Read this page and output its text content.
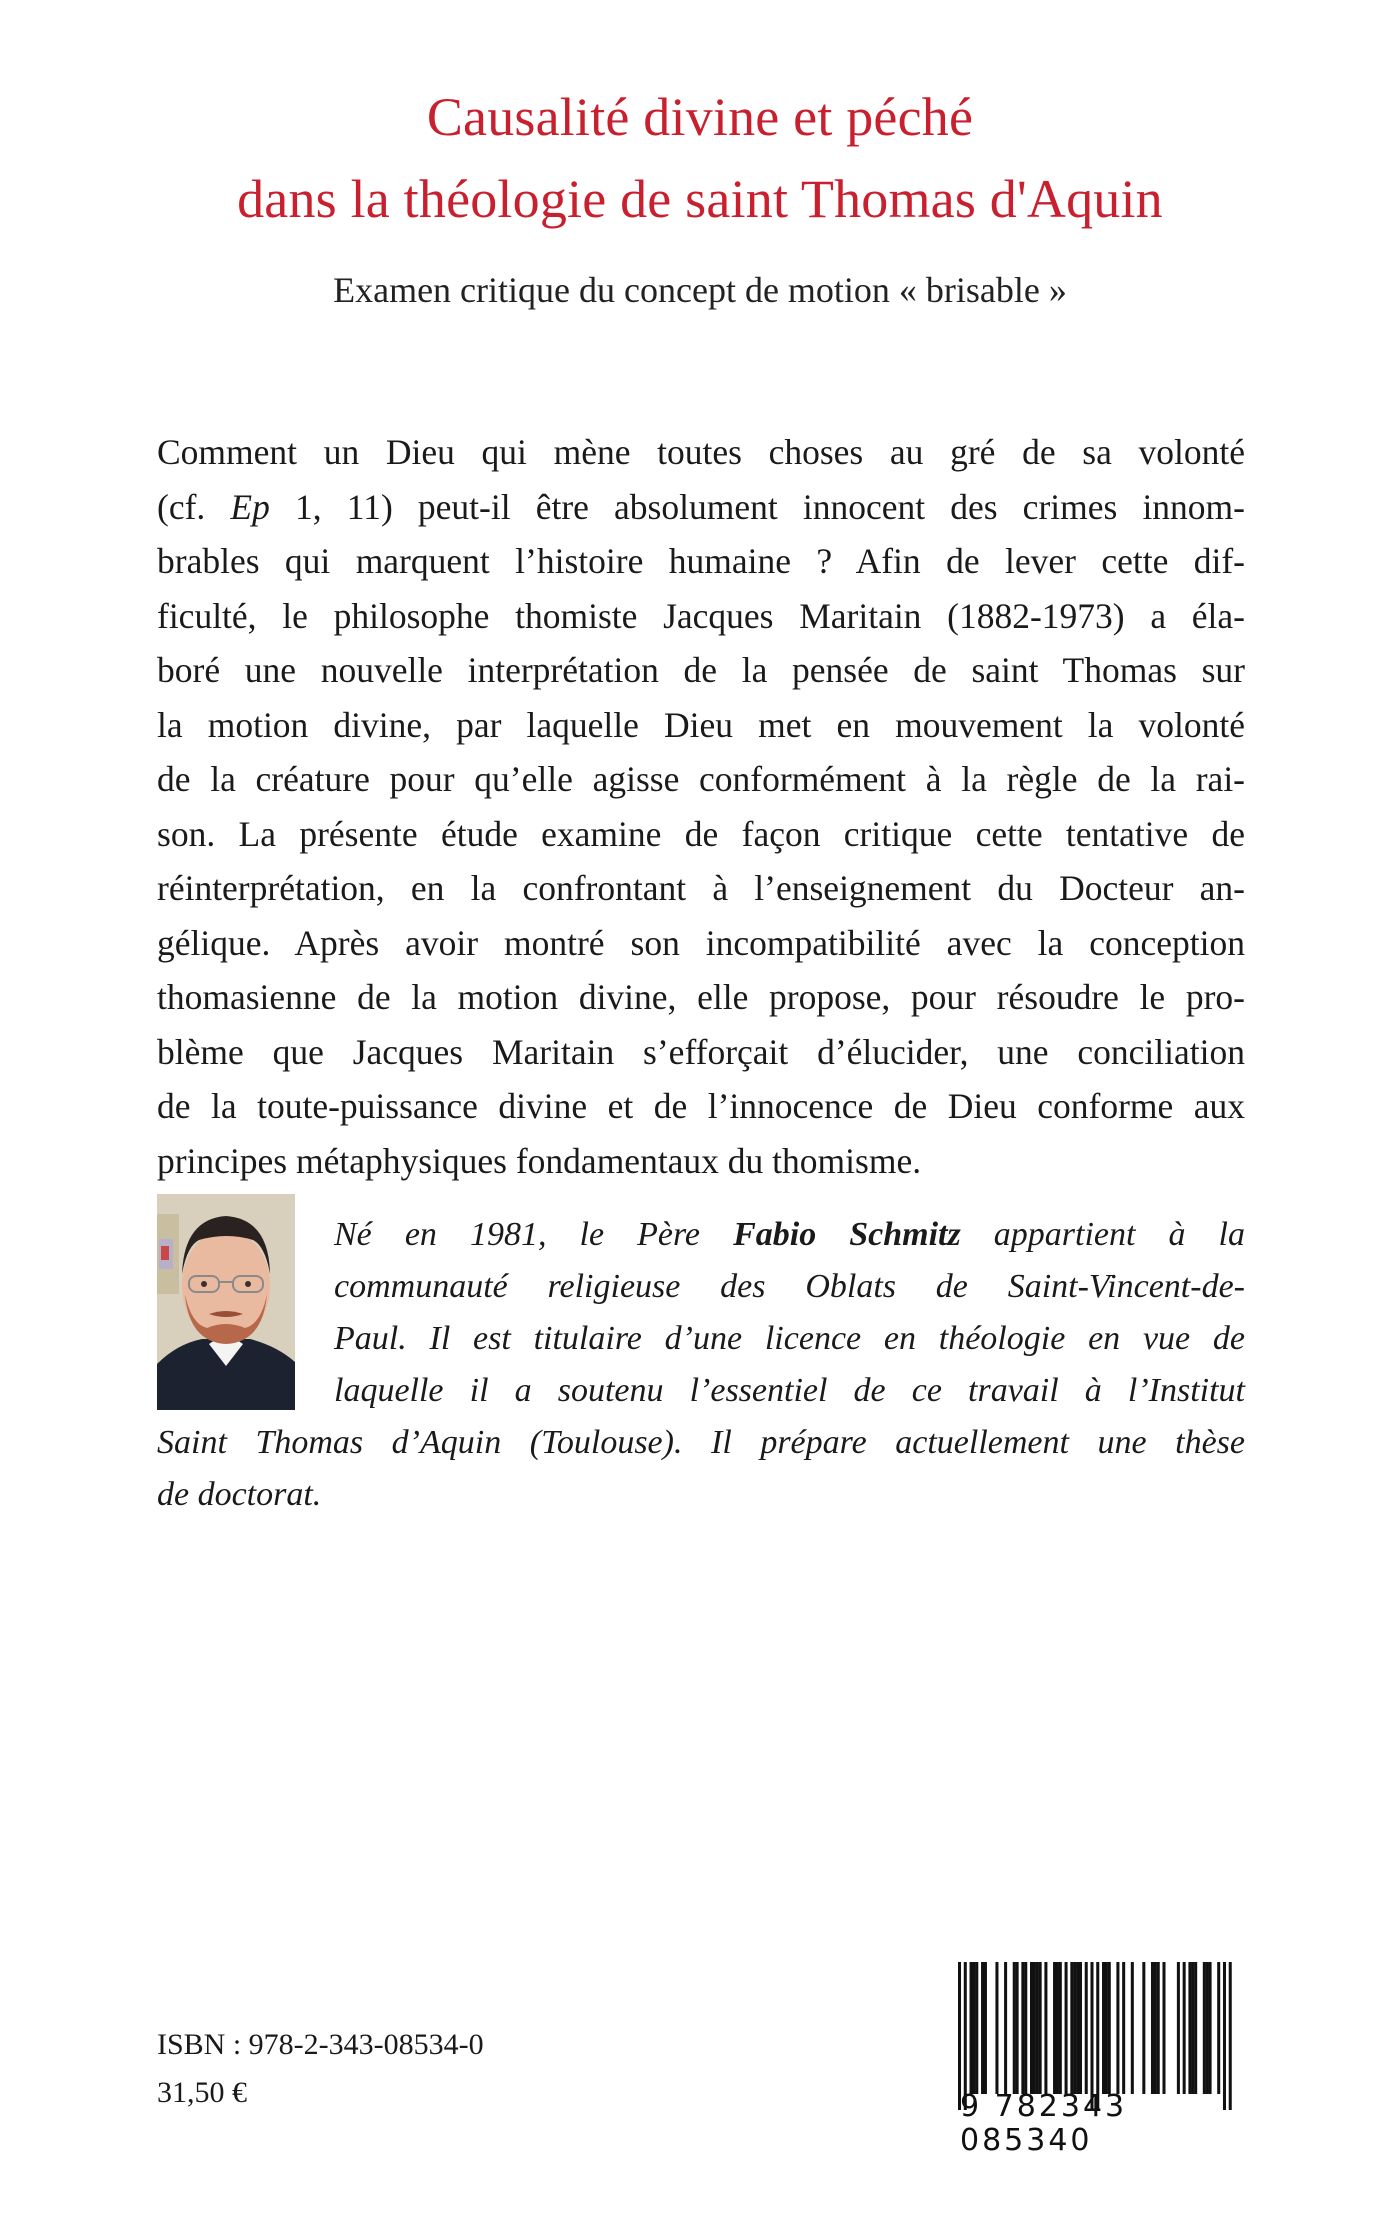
Causalité divine et péché
dans la théologie de saint Thomas d'Aquin
Examen critique du concept de motion « brisable »
Comment un Dieu qui mène toutes choses au gré de sa volonté
(cf. Ep 1, 11) peut-il être absolument innocent des crimes innom-
brables qui marquent l’histoire humaine ? Afin de lever cette dif-
ficulté, le philosophe thomiste Jacques Maritain (1882-1973) a éla-
boré une nouvelle interprétation de la pensée de saint Thomas sur
la motion divine, par laquelle Dieu met en mouvement la volonté
de la créature pour qu’elle agisse conformément à la règle de la rai-
son. La présente étude examine de façon critique cette tentative de
réinterprétation, en la confrontant à l’enseignement du Docteur an-
gélique. Après avoir montré son incompatibilité avec la conception
thomasienne de la motion divine, elle propose, pour résoudre le pro-
blème que Jacques Maritain s’efforçait d’élucider, une conciliation
de la toute-puissance divine et de l’innocence de Dieu conforme aux
principes métaphysiques fondamentaux du thomisme.
Né en 1981, le Père Fabio Schmitz appartient à la
communauté religieuse des Oblats de Saint-Vincent-de-
Paul. Il est titulaire d’une licence en théologie en vue de
laquelle il a soutenu l’essentiel de ce travail à l’Institut
Saint Thomas d’Aquin (Toulouse). Il prépare actuellement une thèse
de doctorat.
ISBN : 978-2-343-08534-0
31,50 €	9 782343 085340
